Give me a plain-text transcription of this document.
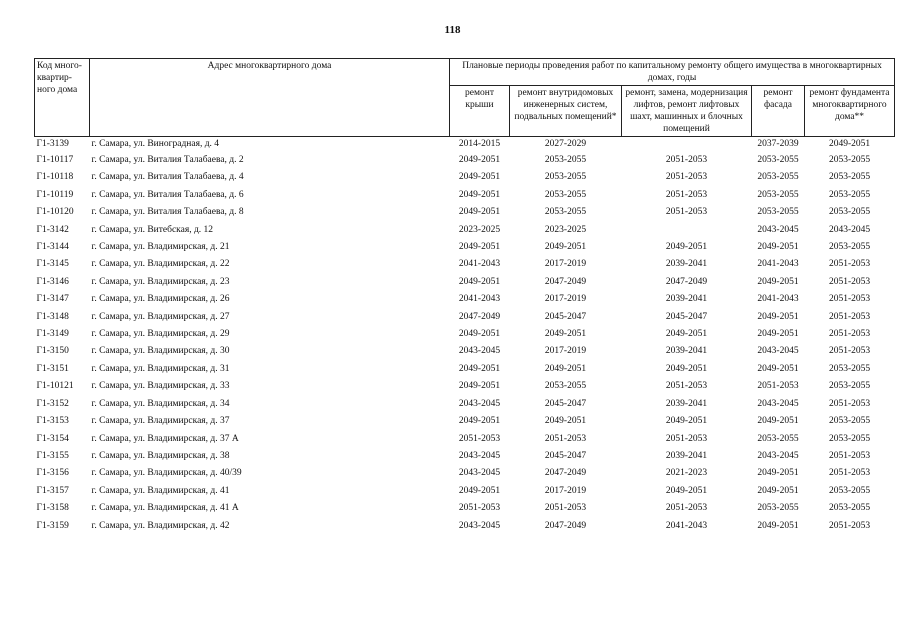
118
Код много-квартир-ного дома	Адрес многоквартирного дома	Плановые периоды проведения работ по капитальному ремонту общего имущества в многоквартирных домах, годы				
		ремонт крыши	ремонт внутридомовых инженерных систем, подвальных помещений*	ремонт, замена, модернизация лифтов, ремонт лифтовых шахт, машинных и блочных помещений	ремонт фасада	ремонт фундамента многоквартирного дома**
Г1-3139	г. Самара, ул. Виноградная, д. 4	2014-2015	2027-2029		2037-2039	2049-2051
Г1-10117	г. Самара, ул. Виталия Талабаева, д. 2	2049-2051	2053-2055	2051-2053	2053-2055	2053-2055
Г1-10118	г. Самара, ул. Виталия Талабаева, д. 4	2049-2051	2053-2055	2051-2053	2053-2055	2053-2055
Г1-10119	г. Самара, ул. Виталия Талабаева, д. 6	2049-2051	2053-2055	2051-2053	2053-2055	2053-2055
Г1-10120	г. Самара, ул. Виталия Талабаева, д. 8	2049-2051	2053-2055	2051-2053	2053-2055	2053-2055
Г1-3142	г. Самара, ул. Витебская, д. 12	2023-2025	2023-2025		2043-2045	2043-2045
Г1-3144	г. Самара, ул. Владимирская, д. 21	2049-2051	2049-2051	2049-2051	2049-2051	2053-2055
Г1-3145	г. Самара, ул. Владимирская, д. 22	2041-2043	2017-2019	2039-2041	2041-2043	2051-2053
Г1-3146	г. Самара, ул. Владимирская, д. 23	2049-2051	2047-2049	2047-2049	2049-2051	2051-2053
Г1-3147	г. Самара, ул. Владимирская, д. 26	2041-2043	2017-2019	2039-2041	2041-2043	2051-2053
Г1-3148	г. Самара, ул. Владимирская, д. 27	2047-2049	2045-2047	2045-2047	2049-2051	2051-2053
Г1-3149	г. Самара, ул. Владимирская, д. 29	2049-2051	2049-2051	2049-2051	2049-2051	2051-2053
Г1-3150	г. Самара, ул. Владимирская, д. 30	2043-2045	2017-2019	2039-2041	2043-2045	2051-2053
Г1-3151	г. Самара, ул. Владимирская, д. 31	2049-2051	2049-2051	2049-2051	2049-2051	2053-2055
Г1-10121	г. Самара, ул. Владимирская, д. 33	2049-2051	2053-2055	2051-2053	2051-2053	2053-2055
Г1-3152	г. Самара, ул. Владимирская, д. 34	2043-2045	2045-2047	2039-2041	2043-2045	2051-2053
Г1-3153	г. Самара, ул. Владимирская, д. 37	2049-2051	2049-2051	2049-2051	2049-2051	2053-2055
Г1-3154	г. Самара, ул. Владимирская, д. 37 А	2051-2053	2051-2053	2051-2053	2053-2055	2053-2055
Г1-3155	г. Самара, ул. Владимирская, д. 38	2043-2045	2045-2047	2039-2041	2043-2045	2051-2053
Г1-3156	г. Самара, ул. Владимирская, д. 40/39	2043-2045	2047-2049	2021-2023	2049-2051	2051-2053
Г1-3157	г. Самара, ул. Владимирская, д. 41	2049-2051	2017-2019	2049-2051	2049-2051	2053-2055
Г1-3158	г. Самара, ул. Владимирская, д. 41 А	2051-2053	2051-2053	2051-2053	2053-2055	2053-2055
Г1-3159	г. Самара, ул. Владимирская, д. 42	2043-2045	2047-2049	2041-2043	2049-2051	2051-2053
